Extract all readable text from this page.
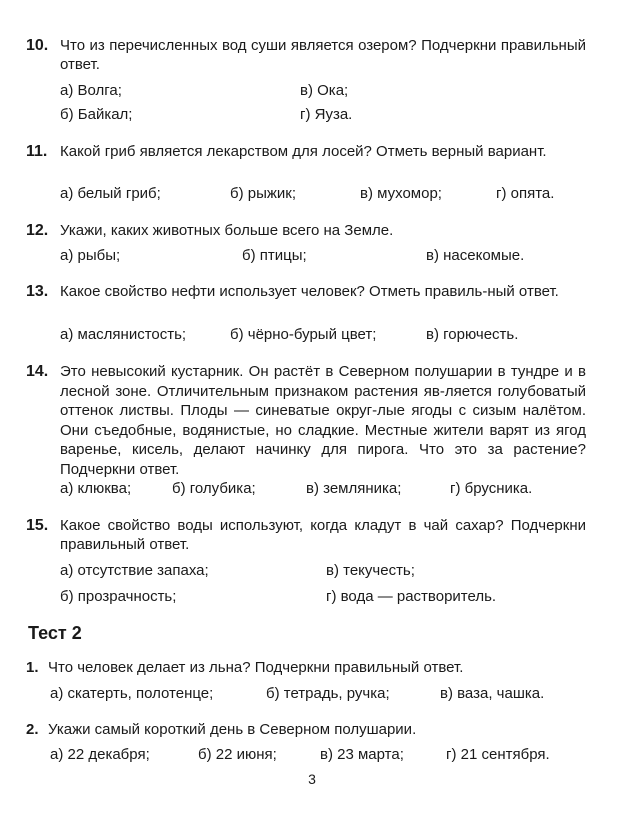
10. Что из перечисленных вод суши является озером? Подчеркни правильный ответ.
а) Волга;	в) Ока;
б) Байкал;	г) Яуза.
11. Какой гриб является лекарством для лосей? Отметь верный вариант.
а) белый гриб;	б) рыжик;	в) мухомор;	г) опята.
12. Укажи, каких животных больше всего на Земле.
а) рыбы;	б) птицы;	в) насекомые.
13. Какое свойство нефти использует человек? Отметь правиль-ный ответ.
а) маслянистость;	б) чёрно-бурый цвет;	в) горючесть.
14. Это невысокий кустарник. Он растёт в Северном полушарии в тундре и в лесной зоне. Отличительным признаком растения яв-ляется голубоватый оттенок листвы. Плоды — синеватые округ-лые ягоды с сизым налётом. Они съедобные, водянистые, но сладкие. Местные жители варят из ягод варенье, кисель, делают начинку для пирога. Что это за растение? Подчеркни ответ.
а) клюква;	б) голубика;	в) земляника;	г) брусника.
15. Какое свойство воды используют, когда кладут в чай сахар? Подчеркни правильный ответ.
а) отсутствие запаха;	в) текучесть;
б) прозрачность;	г) вода — растворитель.
Тест 2
1. Что человек делает из льна? Подчеркни правильный ответ.
а) скатерть, полотенце;	б) тетрадь, ручка;	в) ваза, чашка.
2. Укажи самый короткий день в Северном полушарии.
а) 22 декабря;	б) 22 июня;	в) 23 марта;	г) 21 сентября.
3
